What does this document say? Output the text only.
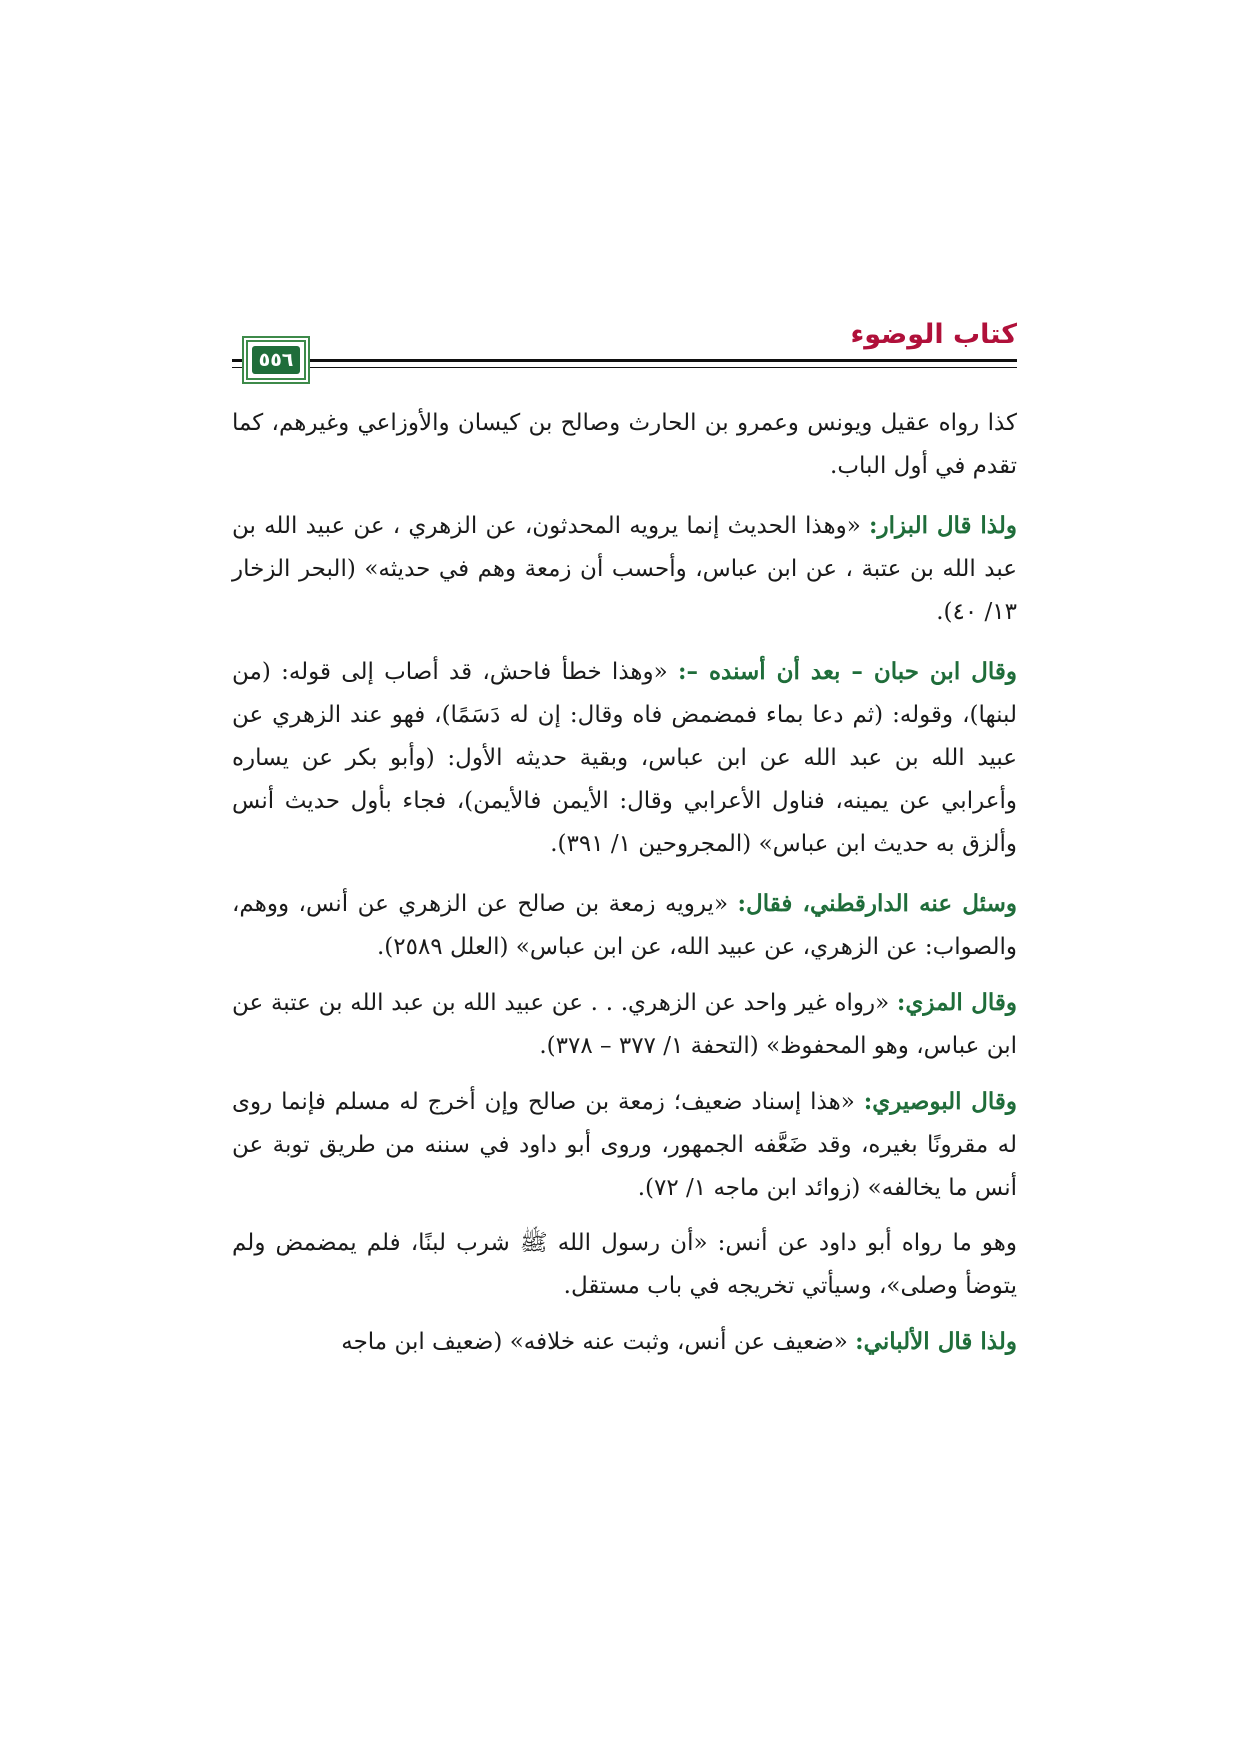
كتاب الوضوء
٥٥٦

كذا رواه عقيل ويونس وعمرو بن الحارث وصالح بن كيسان والأوزاعي وغيرهم، كما تقدم في أول الباب.

ولذا قال البزار: «وهذا الحديث إنما يرويه المحدثون، عن الزهري ، عن عبيد الله بن عبد الله بن عتبة ، عن ابن عباس، وأحسب أن زمعة وهم في حديثه» (البحر الزخار ١٣/ ٤٠).

وقال ابن حبان – بعد أن أسنده –: «وهذا خطأ فاحش، قد أصاب إلى قوله: (من لبنها)، وقوله: (ثم دعا بماء فمضمض فاه وقال: إن له دَسَمًا)، فهو عند الزهري عن عبيد الله بن عبد الله عن ابن عباس، وبقية حديثه الأول: (وأبو بكر عن يساره وأعرابي عن يمينه، فناول الأعرابي وقال: الأيمن فالأيمن)، فجاء بأول حديث أنس وألزق به حديث ابن عباس» (المجروحين ١/ ٣٩١).

وسئل عنه الدارقطني، فقال: «يرويه زمعة بن صالح عن الزهري عن أنس، ووهم، والصواب: عن الزهري، عن عبيد الله، عن ابن عباس» (العلل ٢٥٨٩).

وقال المزي: «رواه غير واحد عن الزهري. . . عن عبيد الله بن عبد الله بن عتبة عن ابن عباس، وهو المحفوظ» (التحفة ١/ ٣٧٧ – ٣٧٨).

وقال البوصيري: «هذا إسناد ضعيف؛ زمعة بن صالح وإن أخرج له مسلم فإنما روى له مقرونًا بغيره، وقد ضَعَّفه الجمهور، وروى أبو داود في سننه من طريق توبة عن أنس ما يخالفه» (زوائد ابن ماجه ١/ ٧٢).

وهو ما رواه أبو داود عن أنس: «أن رسول الله ﷺ شرب لبنًا، فلم يمضمض ولم يتوضأ وصلى»، وسيأتي تخريجه في باب مستقل.

ولذا قال الألباني: «ضعيف عن أنس، وثبت عنه خلافه» (ضعيف ابن ماجه
